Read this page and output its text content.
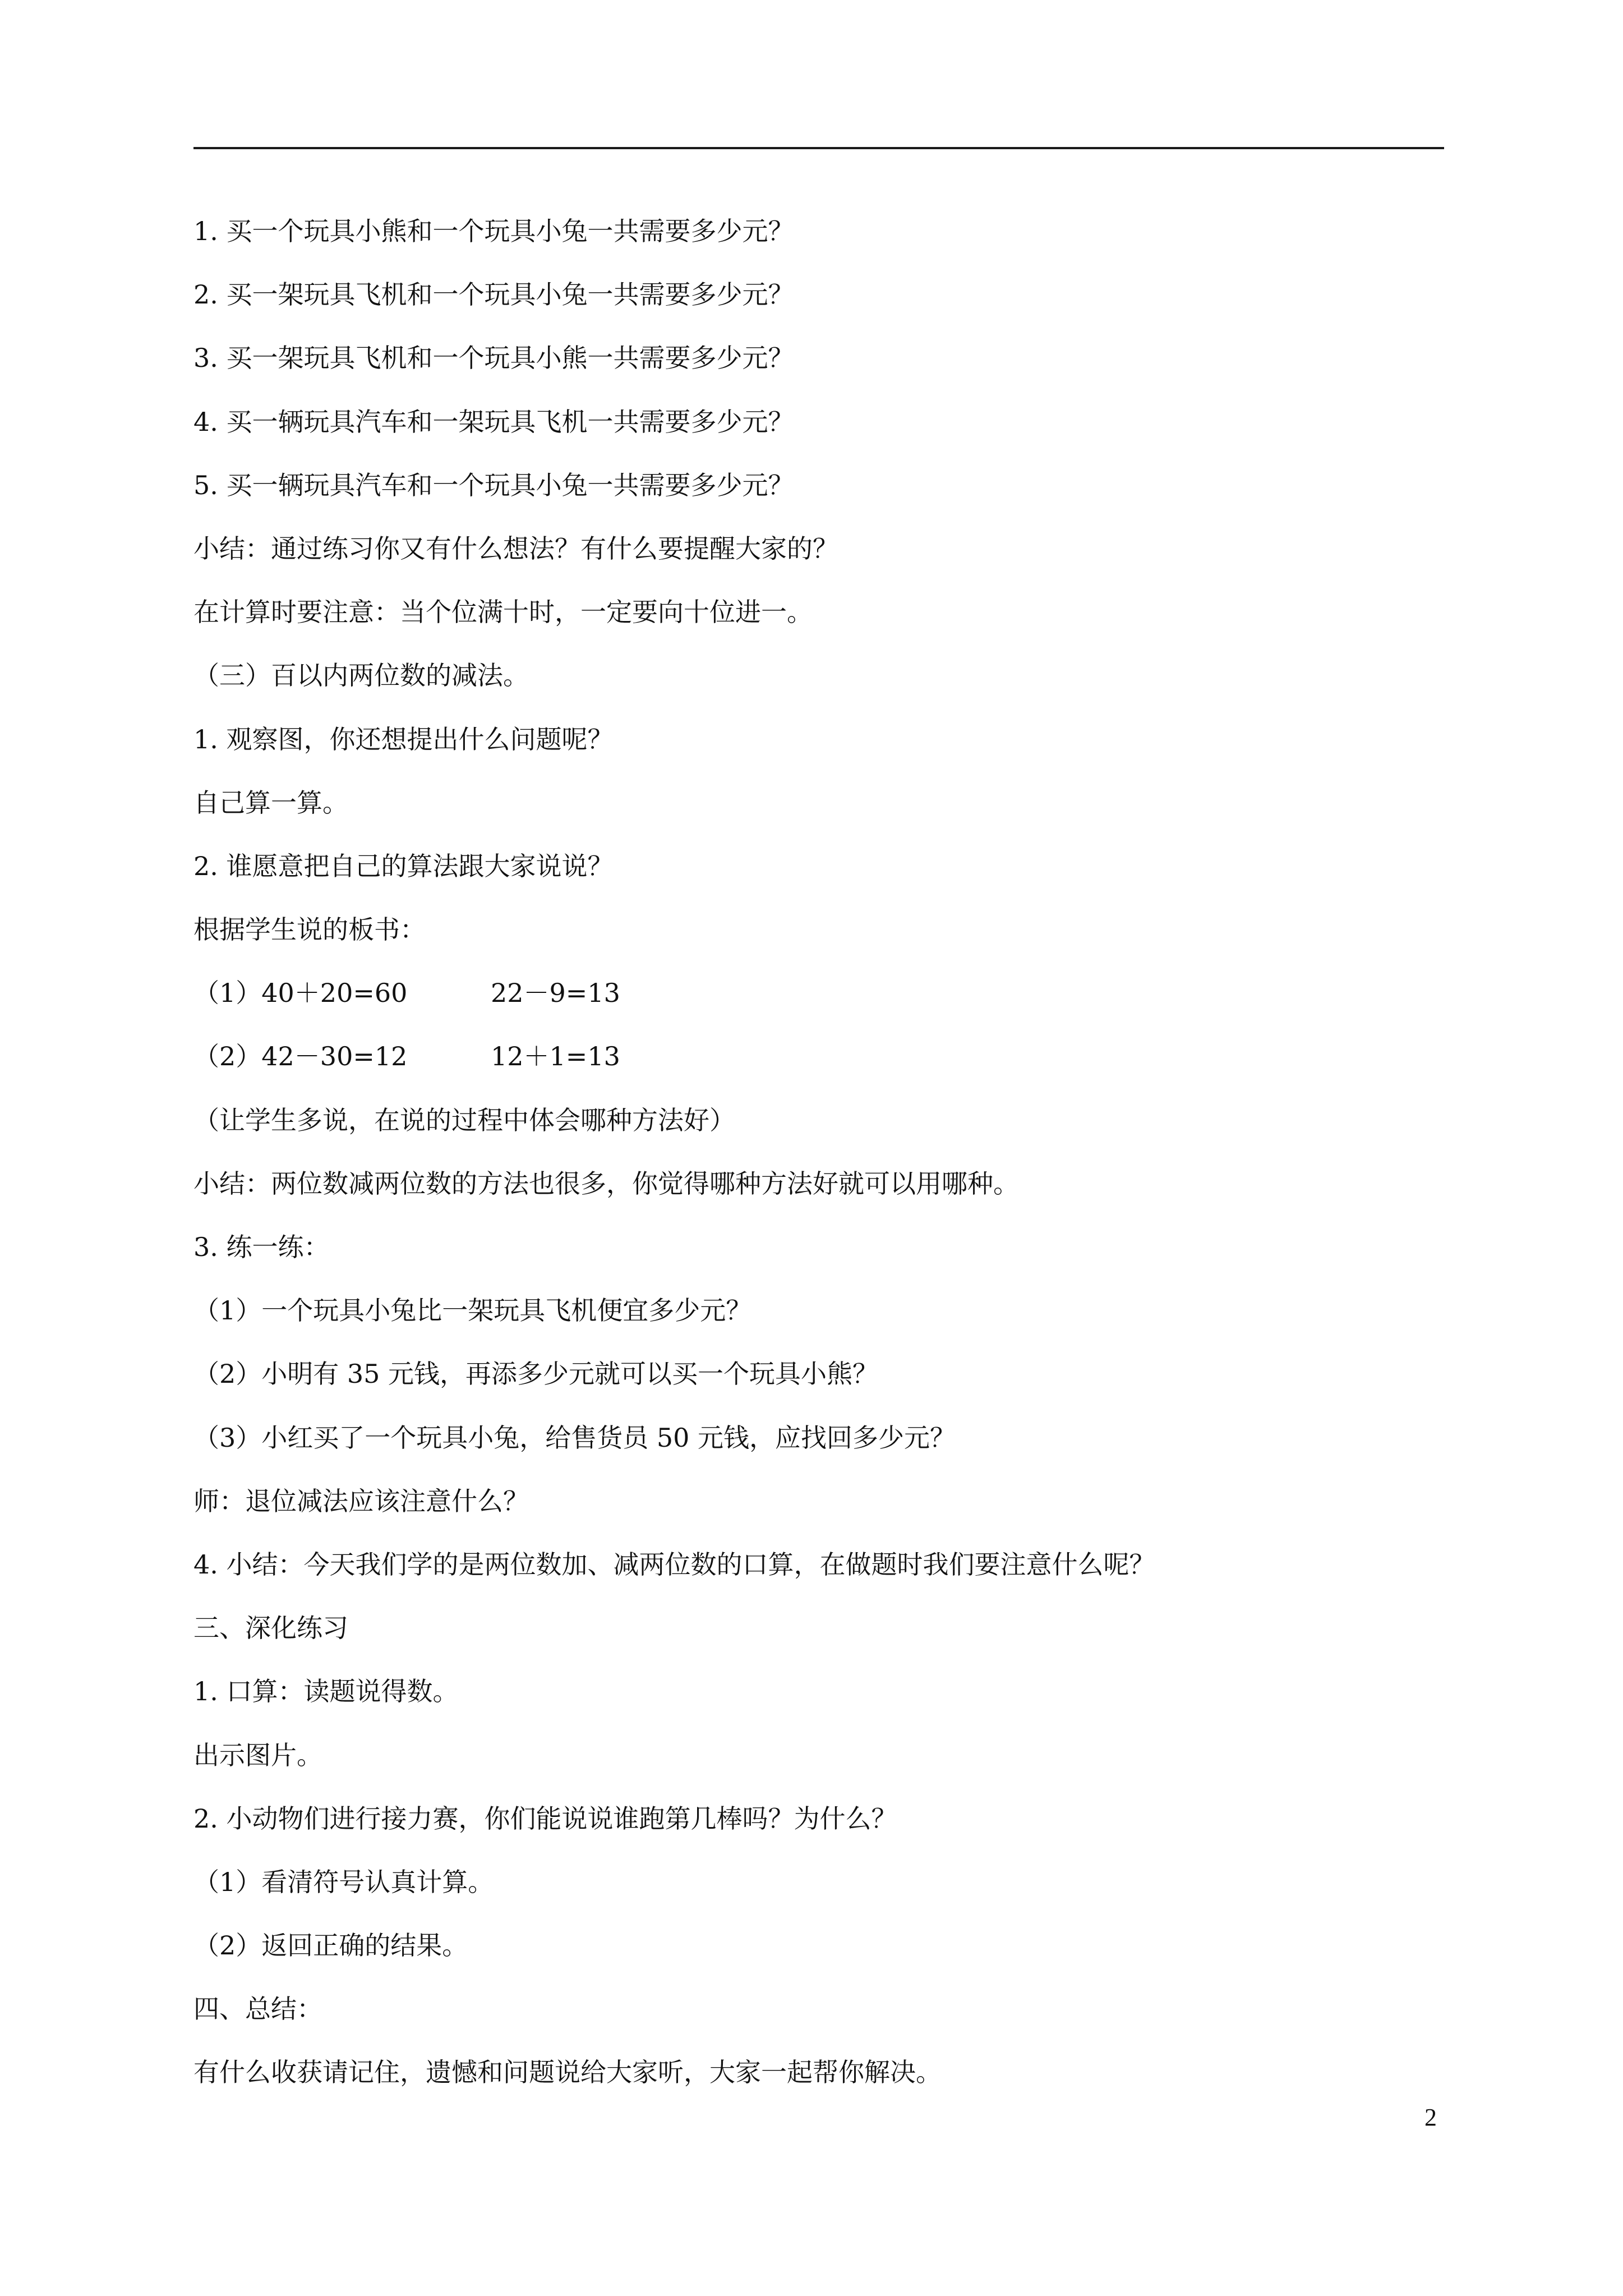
1. 买一个玩具小熊和一个玩具小兔一共需要多少元？
2. 买一架玩具飞机和一个玩具小兔一共需要多少元？
3. 买一架玩具飞机和一个玩具小熊一共需要多少元？
4. 买一辆玩具汽车和一架玩具飞机一共需要多少元？
5. 买一辆玩具汽车和一个玩具小兔一共需要多少元？
小结：通过练习你又有什么想法？有什么要提醒大家的？
在计算时要注意：当个位满十时，一定要向十位进一。
（三）百以内两位数的减法。
1. 观察图，你还想提出什么问题呢？
自己算一算。
2. 谁愿意把自己的算法跟大家说说？
根据学生说的板书：
（1）40＋20=60	22－9=13
（2）42－30=12	12＋1=13
（让学生多说，在说的过程中体会哪种方法好）
小结：两位数减两位数的方法也很多，你觉得哪种方法好就可以用哪种。
3. 练一练：
（1）一个玩具小兔比一架玩具飞机便宜多少元？
（2）小明有 35 元钱，再添多少元就可以买一个玩具小熊？
（3）小红买了一个玩具小兔，给售货员 50 元钱，应找回多少元？
师：退位减法应该注意什么？
4. 小结：今天我们学的是两位数加、减两位数的口算，在做题时我们要注意什么呢？
三、深化练习
1. 口算：读题说得数。
出示图片。
2. 小动物们进行接力赛，你们能说说谁跑第几棒吗？为什么？
（1）看清符号认真计算。
（2）返回正确的结果。
四、总结：
有什么收获请记住，遗憾和问题说给大家听，大家一起帮你解决。
2
